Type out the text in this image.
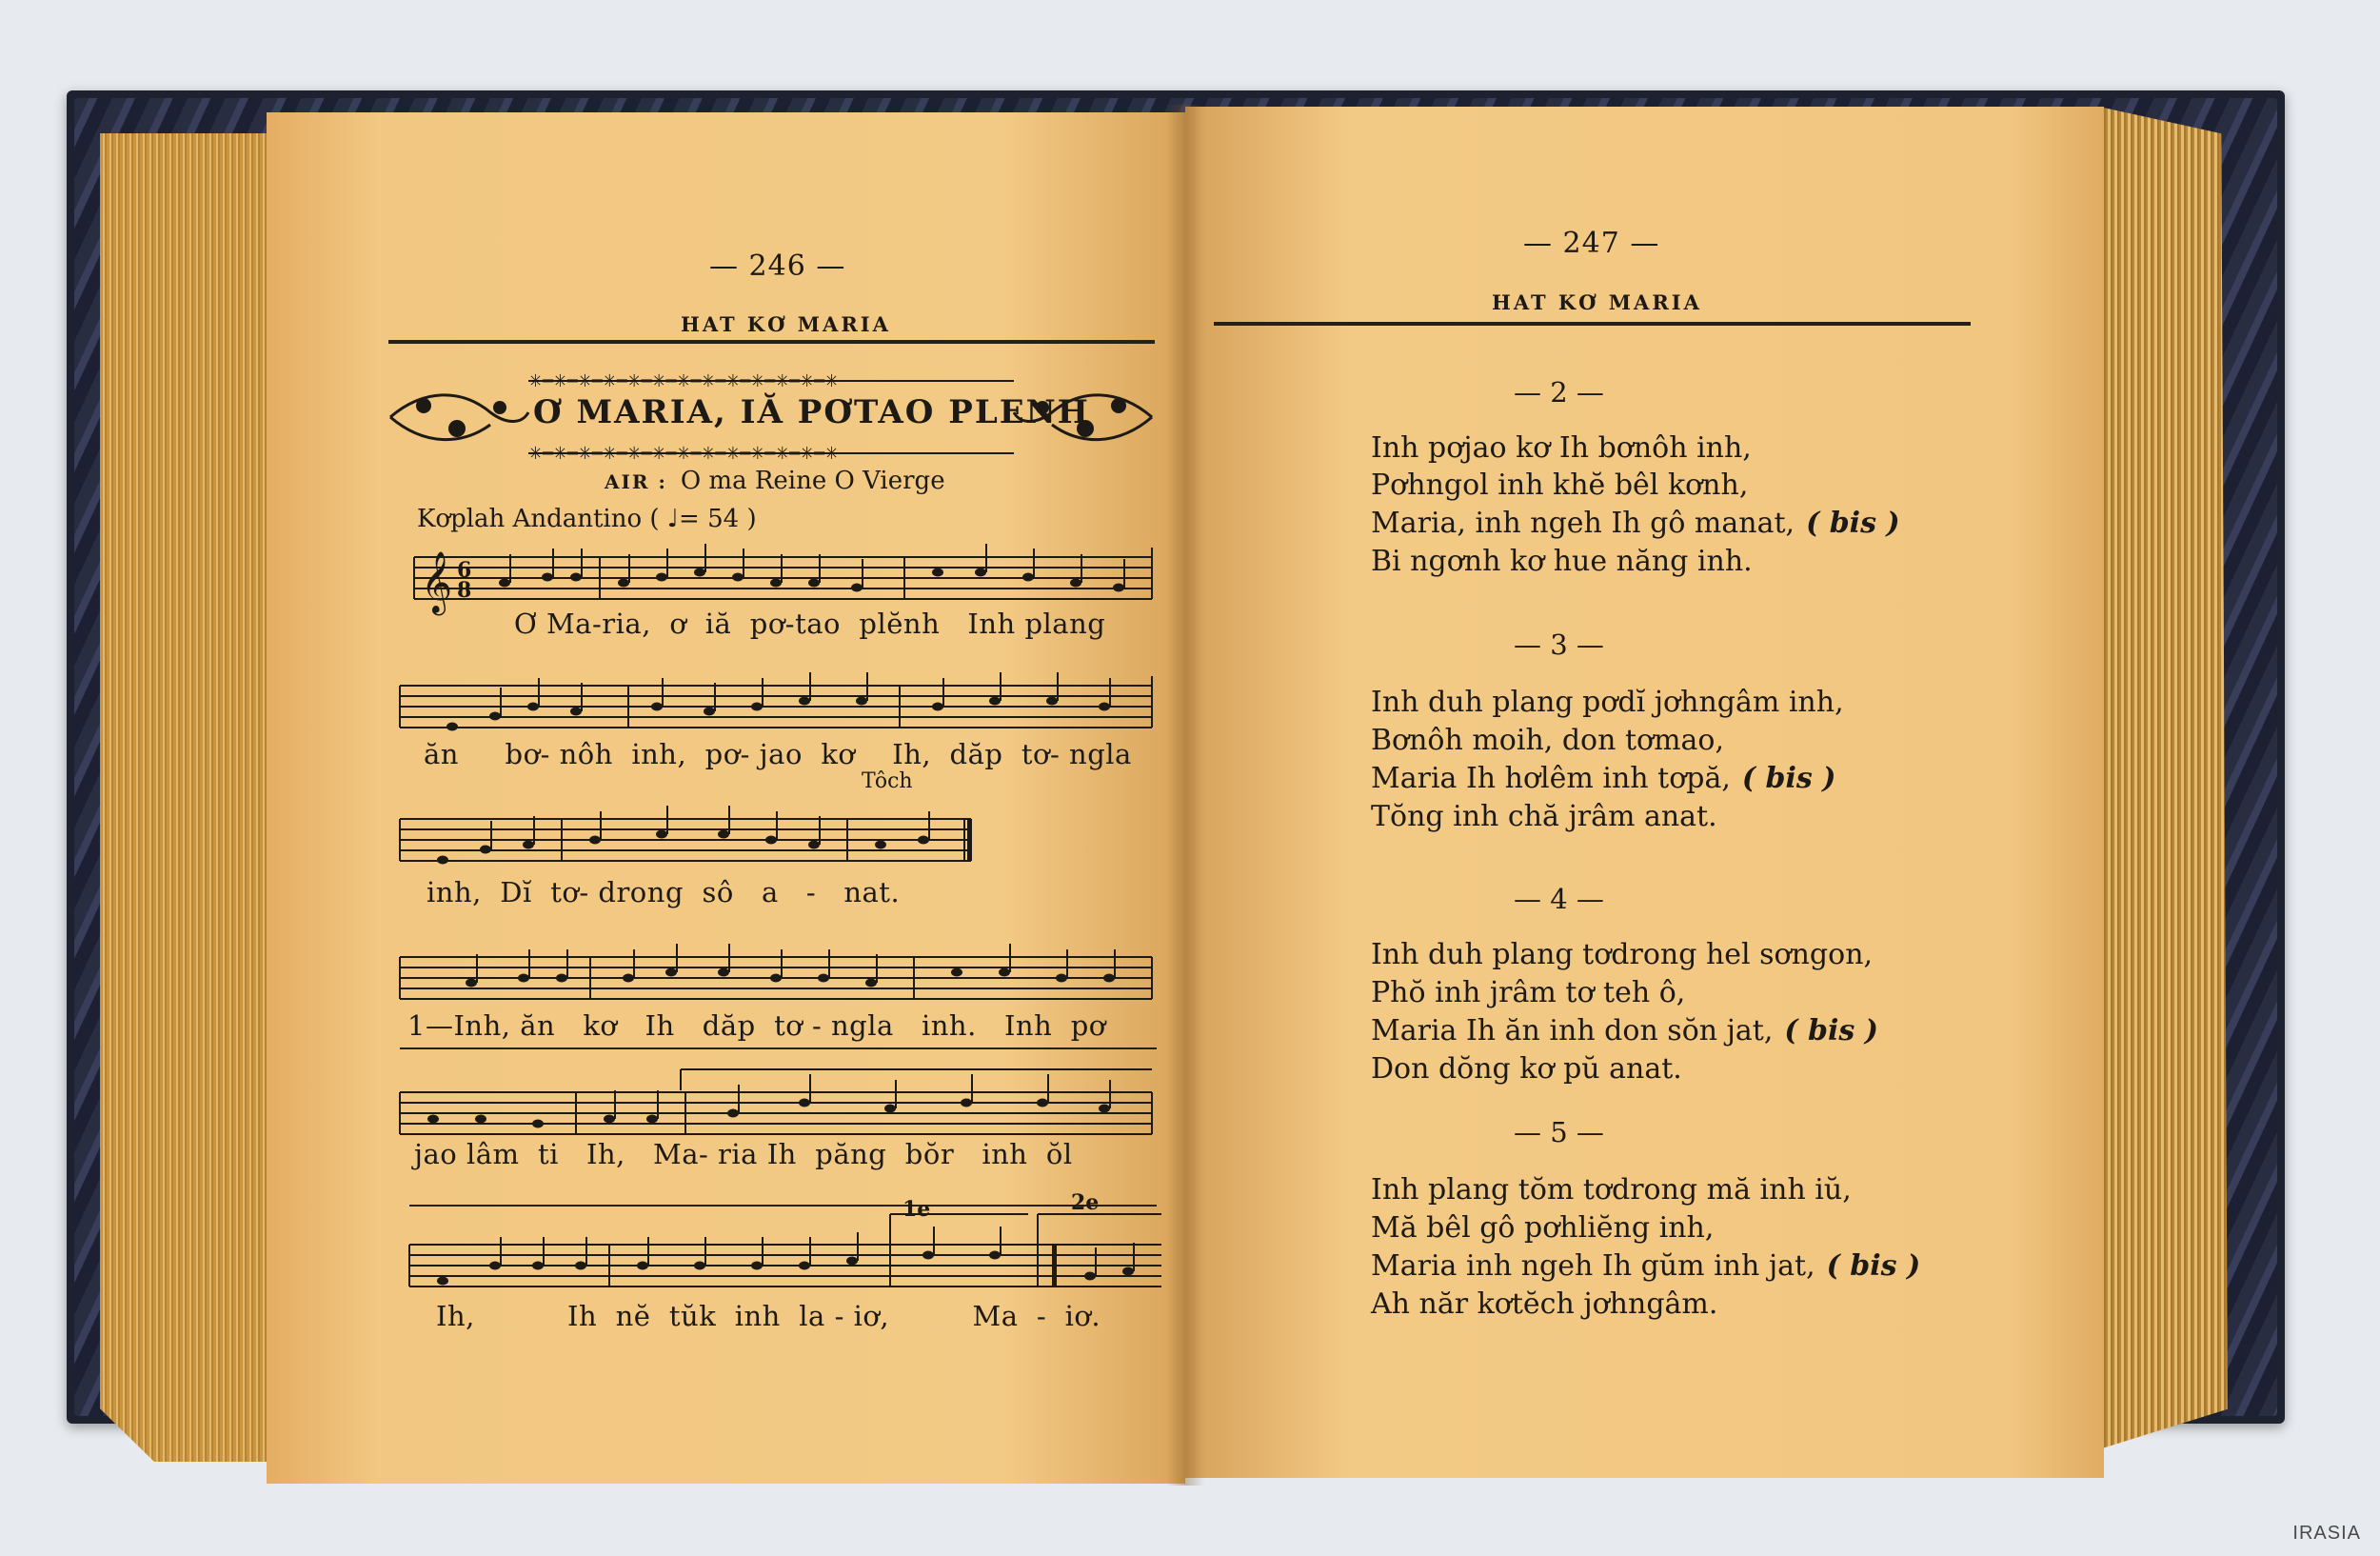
— 246 —
HAT KƠ MARIA
✳━✳━✳━✳━✳━✳━✳━✳━✳━✳━✳━✳━✳
✳━✳━✳━✳━✳━✳━✳━✳━✳━✳━✳━✳━✳
Ơ MARIA, IĂ PƠTAO PLENH
AIR : O ma Reine O Vierge
Kơplah Andantino ( ♩= 54 )
𝄞 6
8
Ơ Ma-ria,  ơ  iă  pơ-tao  plĕnh   Inh plang
ăn     bơ- nôh  inh,  pơ- jao  kơ    Ih,  dăp  tơ- ngla
Tôch
inh,  Dĭ  tơ- drong  sô   a   -   nat.
1—Inh, ăn   kơ   Ih   dăp  tơ - ngla   inh.   Inh  pơ
jao lâm  ti   Ih,   Ma- ria Ih  păng  bŏr   inh  ŏl
1e	2e
Ih,          Ih  nĕ  tŭk  inh  la - iơ,         Ma  -  iơ.
— 247 —
HAT KƠ MARIA
— 2 —
Inh pơjao kơ Ih bơnôh inh,
Pơhngol inh khĕ bêl kơnh,
Maria, inh ngeh Ih gô manat, ( bis )
Bi ngơnh kơ hue năng inh.
— 3 —
Inh duh plang pơdĭ jơhngâm inh,
Bơnôh moih, don tơmao,
Maria Ih hơlêm inh tơpă, ( bis )
Tŏng inh chă jrâm anat.
— 4 —
Inh duh plang tơdrong hel sơngon,
Phŏ inh jrâm tơ teh ô,
Maria Ih ăn inh don sŏn jat, ( bis )
Don dŏng kơ pŭ anat.
— 5 —
Inh plang tŏm tơdrong mă inh iŭ,
Mă bêl gô pơhliĕng inh,
Maria inh ngeh Ih gŭm inh jat, ( bis )
Ah năr kơtĕch jơhngâm.
IRASIA
